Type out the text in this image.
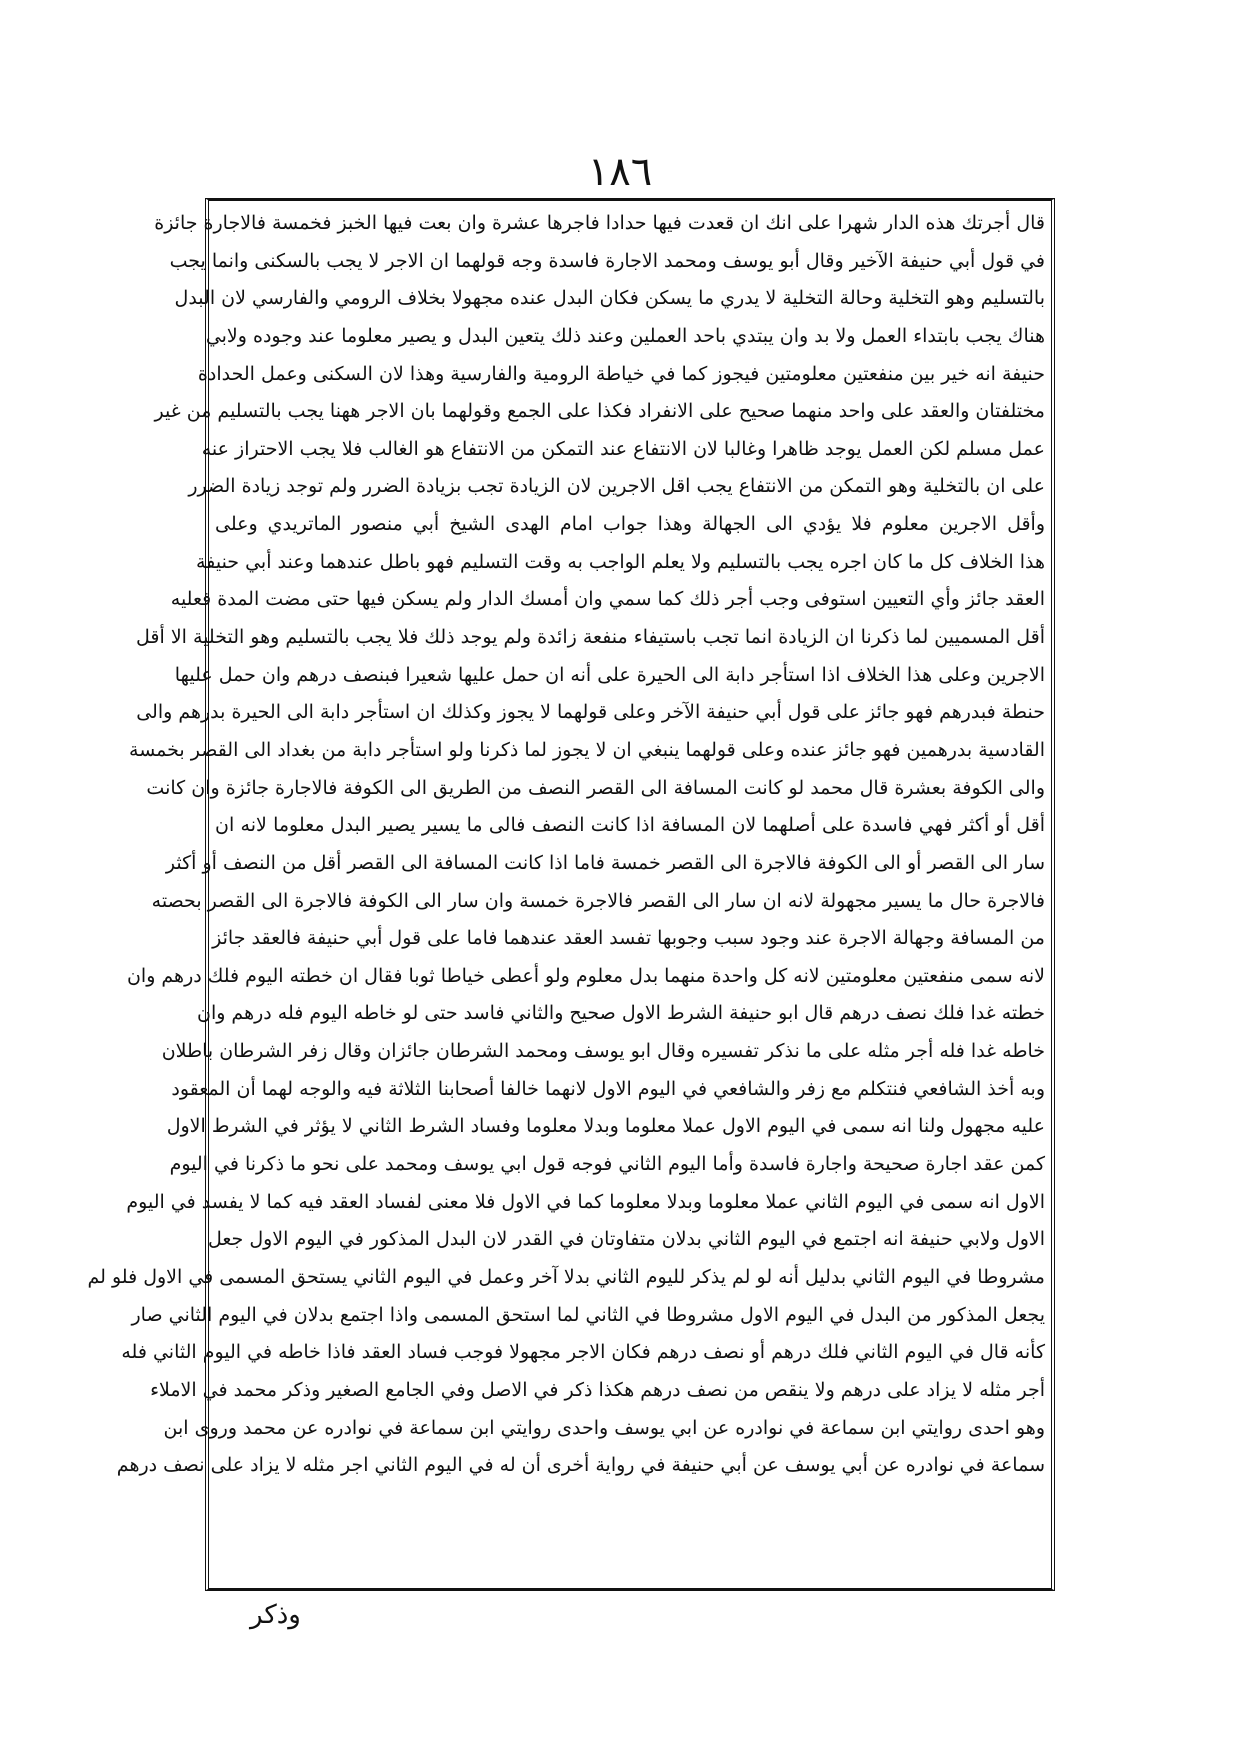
١٨٦
قال أجرتك هذه الدار شهرا على انك ان قعدت فيها حدادا فاجرها عشرة وان بعت فيها الخبز فخمسة فالاجارة جائزة
في قول أبي حنيفة الآخير وقال أبو يوسف ومحمد الاجارة فاسدة وجه قولهما ان الاجر لا يجب بالسكنى وانما يجب
بالتسليم وهو التخلية وحالة التخلية لا يدري ما يسكن فكان البدل عنده مجهولا بخلاف الرومي والفارسي لان البدل
هناك يجب بابتداء العمل ولا بد وان يبتدي باحد العملين وعند ذلك يتعين البدل و يصير معلوما عند وجوده ولابي
حنيفة انه خير بين منفعتين معلومتين فيجوز كما في خياطة الرومية والفارسية وهذا لان السكنى وعمل الحدادة
مختلفتان والعقد على واحد منهما صحيح على الانفراد فكذا على الجمع وقولهما بان الاجر ههنا يجب بالتسليم من غير
عمل مسلم لكن العمل يوجد ظاهرا وغالبا لان الانتفاع عند التمكن من الانتفاع هو الغالب فلا يجب الاحتراز عنه
على ان بالتخلية وهو التمكن من الانتفاع يجب اقل الاجرين لان الزيادة تجب بزيادة الضرر ولم توجد زيادة الضرر
وأقل الاجرين معلوم فلا يؤدي الى الجهالة وهذا جواب امام الهدى الشيخ أبي منصور الماتريدي وعلى
هذا الخلاف كل ما كان اجره يجب بالتسليم ولا يعلم الواجب به وقت التسليم فهو باطل عندهما وعند أبي حنيفة
العقد جائز وأي التعيين استوفى وجب أجر ذلك كما سمي وان أمسك الدار ولم يسكن فيها حتى مضت المدة فعليه
أقل المسميين لما ذكرنا ان الزيادة انما تجب باستيفاء منفعة زائدة ولم يوجد ذلك فلا يجب بالتسليم وهو التخلية الا أقل
الاجرين وعلى هذا الخلاف اذا استأجر دابة الى الحيرة على أنه ان حمل عليها شعيرا فبنصف درهم وان حمل عليها
حنطة فبدرهم فهو جائز على قول أبي حنيفة الآخر وعلى قولهما لا يجوز وكذلك ان استأجر دابة الى الحيرة بدرهم والى
القادسية بدرهمين فهو جائز عنده وعلى قولهما ينبغي ان لا يجوز لما ذكرنا ولو استأجر دابة من بغداد الى القصر بخمسة
والى الكوفة بعشرة قال محمد لو كانت المسافة الى القصر النصف من الطريق الى الكوفة فالاجارة جائزة وان كانت
أقل أو أكثر فهي فاسدة على أصلهما لان المسافة اذا كانت النصف فالى ما يسير يصير البدل معلوما لانه ان
سار الى القصر أو الى الكوفة فالاجرة الى القصر خمسة فاما اذا كانت المسافة الى القصر أقل من النصف أو أكثر
فالاجرة حال ما يسير مجهولة لانه ان سار الى القصر فالاجرة خمسة وان سار الى الكوفة فالاجرة الى القصر بحصته
من المسافة وجهالة الاجرة عند وجود سبب وجوبها تفسد العقد عندهما فاما على قول أبي حنيفة فالعقد جائز
لانه سمى منفعتين معلومتين لانه كل واحدة منهما بدل معلوم ولو أعطى خياطا ثوبا فقال ان خطته اليوم فلك درهم وان
خطته غدا فلك نصف درهم قال ابو حنيفة الشرط الاول صحيح والثاني فاسد حتى لو خاطه اليوم فله درهم وان
خاطه غدا فله أجر مثله على ما نذكر تفسيره وقال ابو يوسف ومحمد الشرطان جائزان وقال زفر الشرطان باطلان
وبه أخذ الشافعي فنتكلم مع زفر والشافعي في اليوم الاول لانهما خالفا أصحابنا الثلاثة فيه والوجه لهما أن المعقود
عليه مجهول ولنا انه سمى في اليوم الاول عملا معلوما وبدلا معلوما وفساد الشرط الثاني لا يؤثر في الشرط الاول
كمن عقد اجارة صحيحة واجارة فاسدة وأما اليوم الثاني فوجه قول ابي يوسف ومحمد على نحو ما ذكرنا في اليوم
الاول انه سمى في اليوم الثاني عملا معلوما وبدلا معلوما كما في الاول فلا معنى لفساد العقد فيه كما لا يفسد في اليوم
الاول ولابي حنيفة انه اجتمع في اليوم الثاني بدلان متفاوتان في القدر لان البدل المذكور في اليوم الاول جعل
مشروطا في اليوم الثاني بدليل أنه لو لم يذكر لليوم الثاني بدلا آخر وعمل في اليوم الثاني يستحق المسمى في الاول فلو لم
يجعل المذكور من البدل في اليوم الاول مشروطا في الثاني لما استحق المسمى واذا اجتمع بدلان في اليوم الثاني صار
كأنه قال في اليوم الثاني فلك درهم أو نصف درهم فكان الاجر مجهولا فوجب فساد العقد فاذا خاطه في اليوم الثاني فله
أجر مثله لا يزاد على درهم ولا ينقص من نصف درهم هكذا ذكر في الاصل وفي الجامع الصغير وذكر محمد في الاملاء
وهو احدى روايتي ابن سماعة في نوادره عن ابي يوسف واحدى روايتي ابن سماعة في نوادره عن محمد وروى ابن
سماعة في نوادره عن أبي يوسف عن أبي حنيفة في رواية أخرى أن له في اليوم الثاني اجر مثله لا يزاد على نصف درهم
وذكر
